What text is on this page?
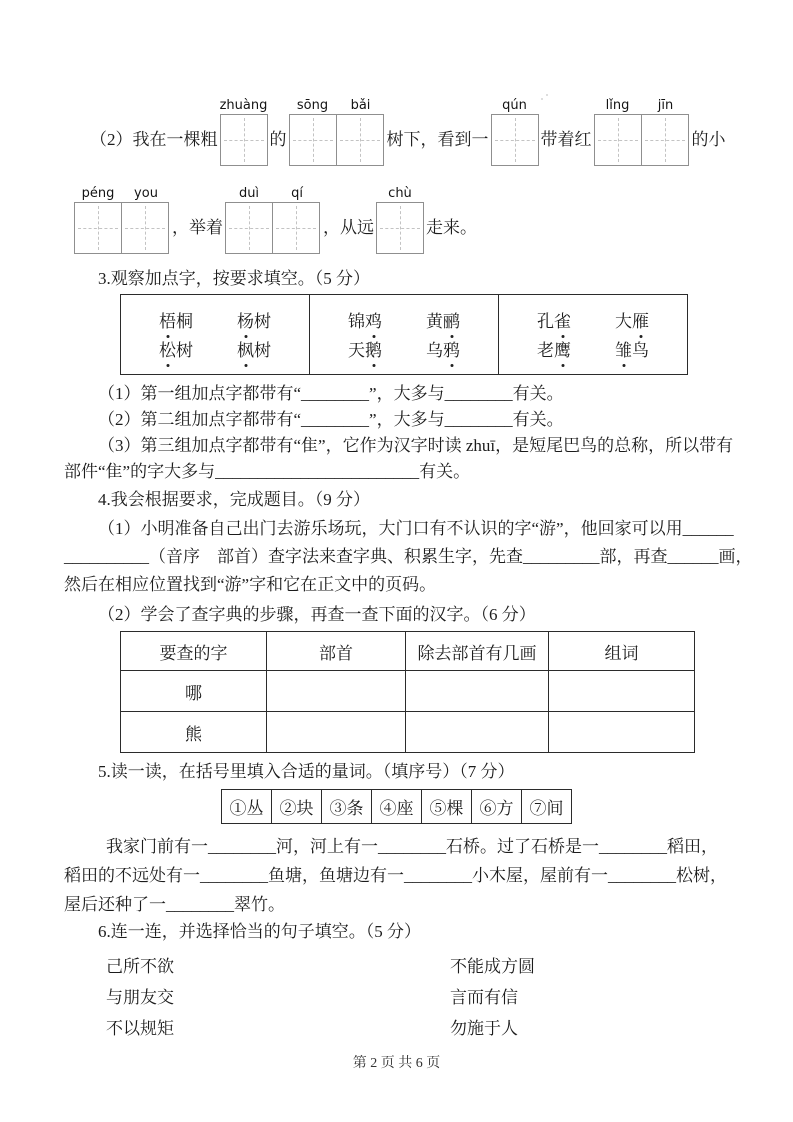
（2）我在一棵粗
zhuàng
的
sōng	bǎi
树下，看到一
qún
带着红
lǐng	jīn
的小
péng	you
，举着
duì	qí
，从远
chù
走来。
3.观察加点字，按要求填空。（5 分）
梧桐	杨树
松树	枫树

锦鸡	黄鹂
天鹅	乌鸦

孔雀	大雁
老鹰	雏鸟
（1）第一组加点字都带有“________”，大多与________有关。
（2）第二组加点字都带有“________”，大多与________有关。
（3）第三组加点字都带有“隹”，它作为汉字时读 zhuī，是短尾巴鸟的总称，所以带有
部件“隹”的字大多与________________________有关。
4.我会根据要求，完成题目。（9 分）
（1）小明准备自己出门去游乐场玩，大门口有不认识的字“游”，他回家可以用______
__________（音序　部首）查字法来查字典、积累生字，先查_________部，再查______画，
然后在相应位置找到“游”字和它在正文中的页码。
（2）学会了查字典的步骤，再查一查下面的汉字。（6 分）
要查的字	部首	除去部首有几画	组词
哪			
熊			
5.读一读，在括号里填入合适的量词。（填序号）（7 分）
①丛	②块	③条	④座	⑤棵	⑥方	⑦间
我家门前有一________河，河上有一________石桥。过了石桥是一________稻田，
稻田的不远处有一________鱼塘，鱼塘边有一________小木屋，屋前有一________松树，
屋后还种了一________翠竹。
6.连一连，并选择恰当的句子填空。（5 分）
己所不欲	不能成方圆
与朋友交	言而有信
不以规矩	勿施于人
第 2 页 共 6 页
